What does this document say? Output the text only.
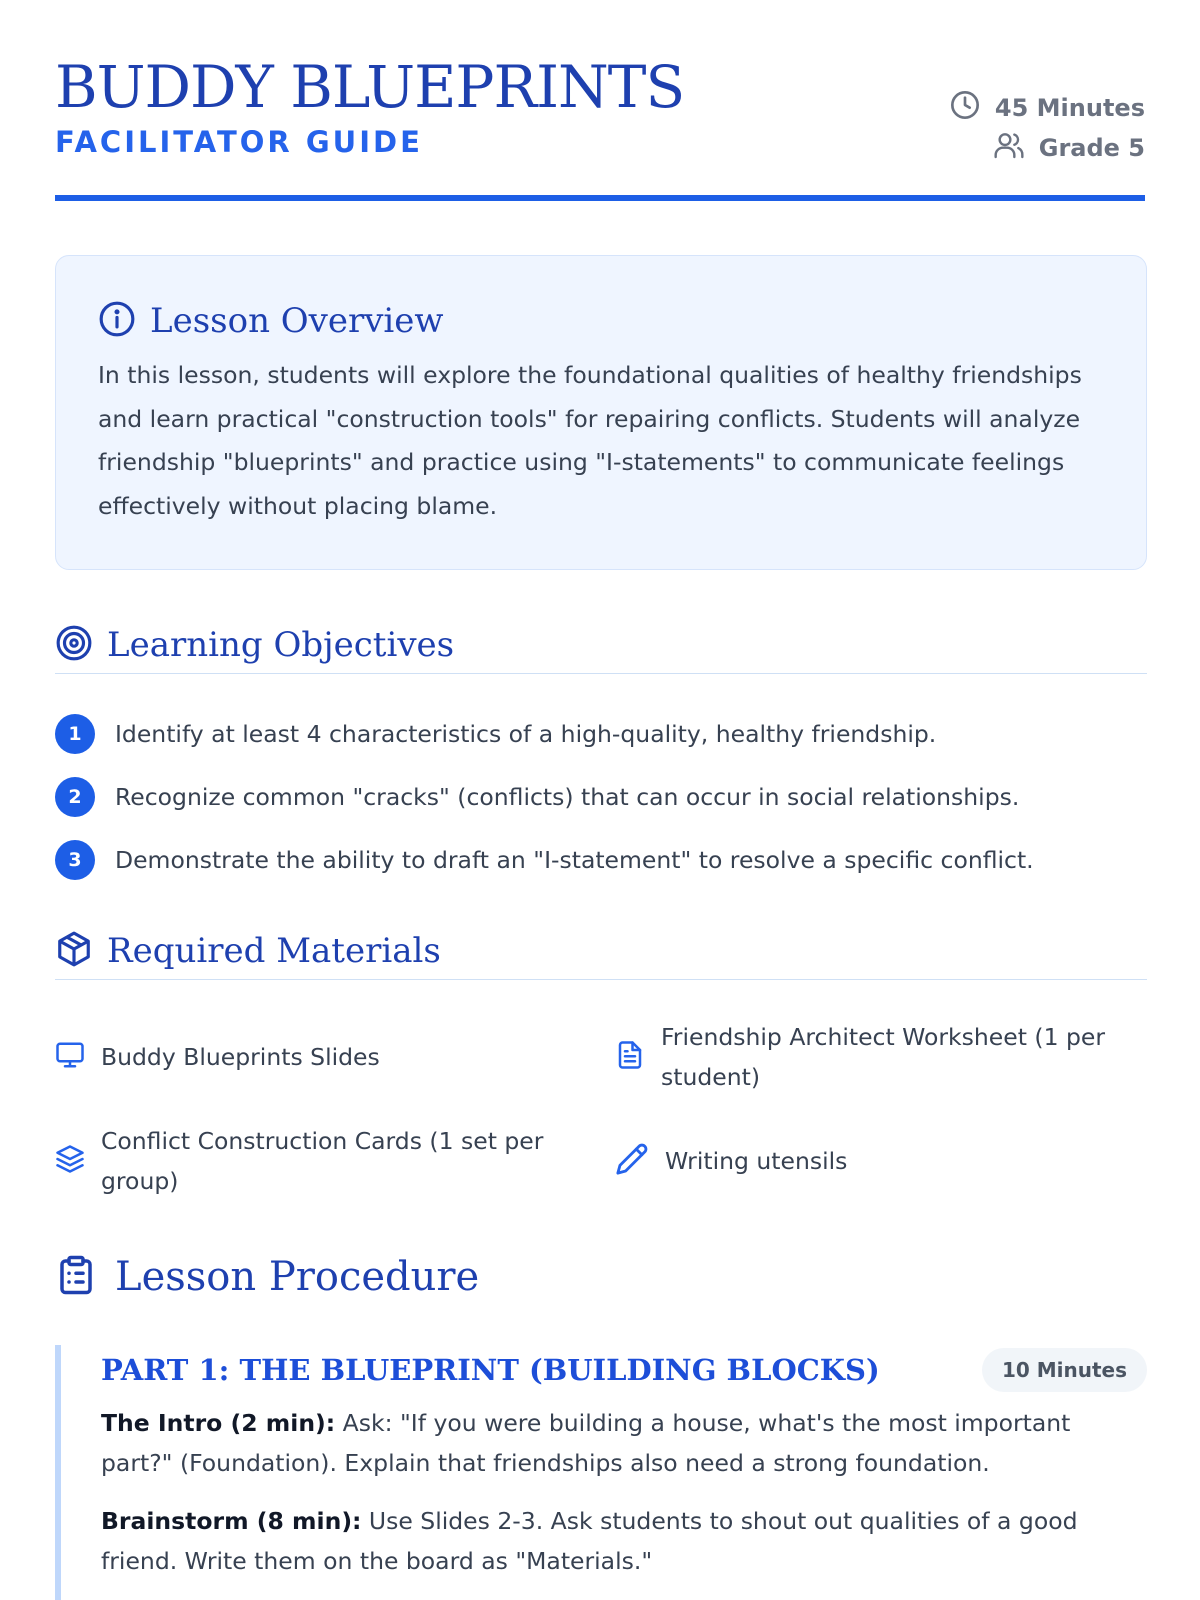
BUDDY BLUEPRINTS
FACILITATOR GUIDE
45 Minutes
Grade 5
Lesson Overview

In this lesson, students will explore the foundational qualities of healthy friendships and learn practical "construction tools" for repairing conflicts. Students will analyze friendship "blueprints" and practice using "I-statements" to communicate feelings effectively without placing blame.

Learning Objectives
1	Identify at least 4 characteristics of a high-quality, healthy friendship.
2	Recognize common "cracks" (conflicts) that can occur in social relationships.
3	Demonstrate the ability to draft an "I-statement" to resolve a specific conflict.
Required Materials
Buddy Blueprints Slides
Friendship Architect Worksheet (1 per student)
Conflict Construction Cards (1 set per group)
Writing utensils
Lesson Procedure
PART 1: THE BLUEPRINT (BUILDING BLOCKS)	10 Minutes

The Intro (2 min): Ask: "If you were building a house, what's the most important part?" (Foundation). Explain that friendships also need a strong foundation.

Brainstorm (8 min): Use Slides 2-3. Ask students to shout out qualities of a good friend. Write them on the board as "Materials."
